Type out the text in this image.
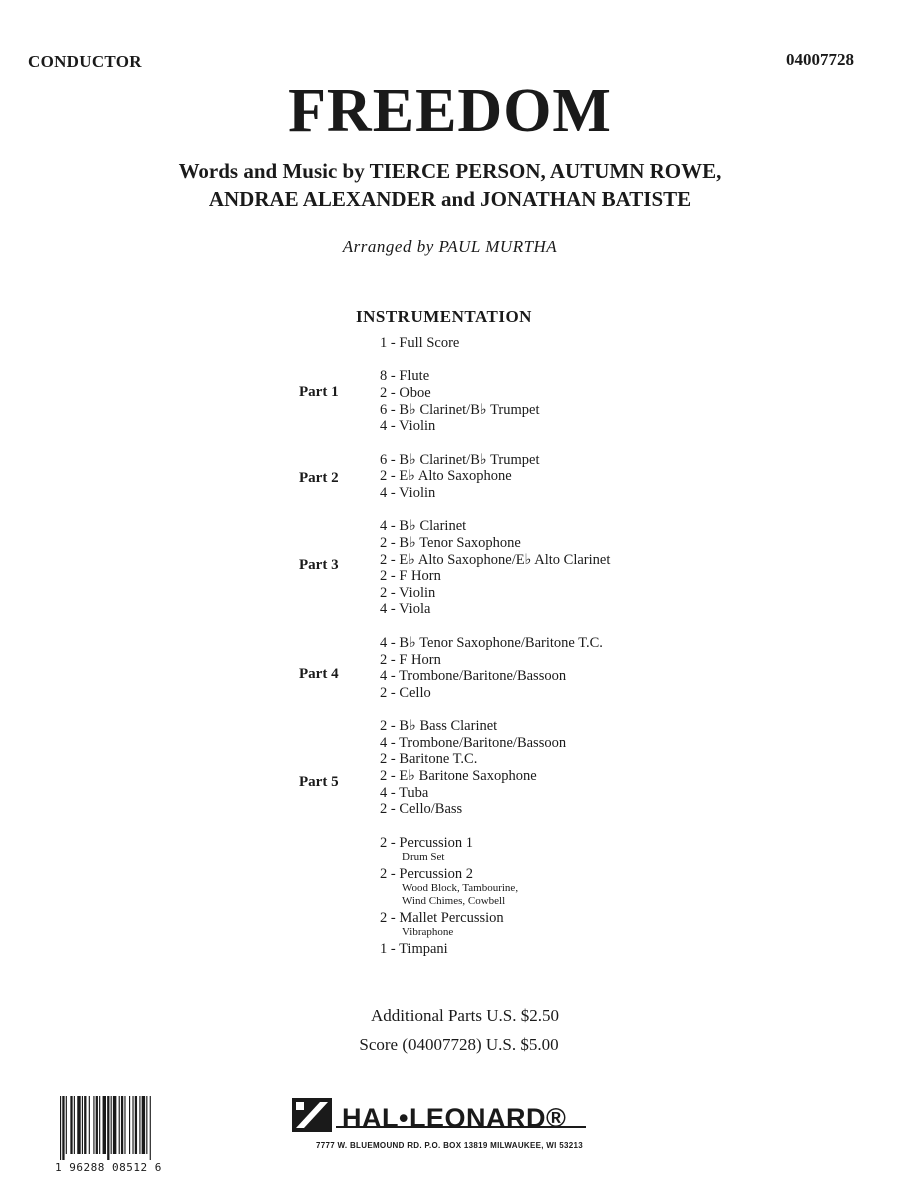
CONDUCTOR	04007728
FREEDOM
Words and Music by TIERCE PERSON, AUTUMN ROWE,
ANDRAE ALEXANDER and JONATHAN BATISTE
Arranged by PAUL MURTHA
INSTRUMENTATION
1 - Full Score
Part 1
8 - Flute
2 - Oboe
6 - B♭ Clarinet/B♭ Trumpet
4 - Violin
Part 2
6 - B♭ Clarinet/B♭ Trumpet
2 - E♭ Alto Saxophone
4 - Violin
Part 3
4 - B♭ Clarinet
2 - B♭ Tenor Saxophone
2 - E♭ Alto Saxophone/E♭ Alto Clarinet
2 - F Horn
2 - Violin
4 - Viola
Part 4
4 - B♭ Tenor Saxophone/Baritone T.C.
2 - F Horn
4 - Trombone/Baritone/Bassoon
2 - Cello
Part 5
2 - B♭ Bass Clarinet
4 - Trombone/Baritone/Bassoon
2 - Baritone T.C.
2 - E♭ Baritone Saxophone
4 - Tuba
2 - Cello/Bass
2 - Percussion 1
Drum Set
2 - Percussion 2
Wood Block, Tambourine,
Wind Chimes, Cowbell
2 - Mallet Percussion
Vibraphone
1 - Timpani
Additional Parts U.S. $2.50
Score (04007728) U.S. $5.00
1 96288 08512 6
HAL•LEONARD®
7777 W. BLUEMOUND RD. P.O. BOX 13819 MILWAUKEE, WI 53213
